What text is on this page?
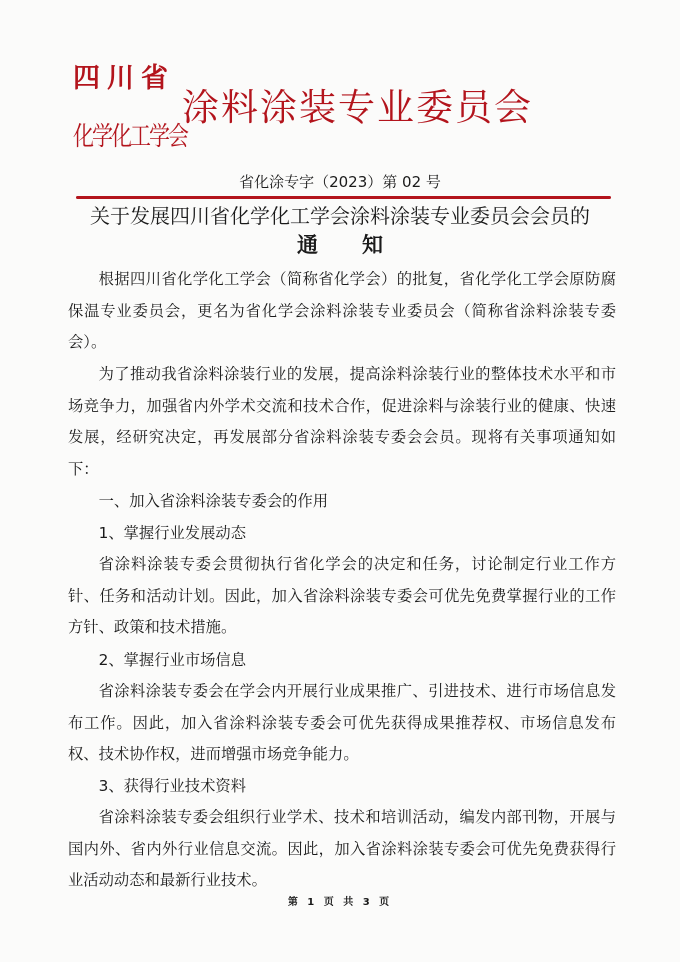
四川省
化学化工学会
涂料涂装专业委员会
省化涂专字（2023）第 02 号
关于发展四川省化学化工学会涂料涂装专业委员会会员的
通知

根据四川省化学化工学会（简称省化学会）的批复，省化学化工学会原防腐保温专业委员会，更名为省化学会涂料涂装专业委员会（简称省涂料涂装专委会）。

为了推动我省涂料涂装行业的发展，提高涂料涂装行业的整体技术水平和市场竞争力，加强省内外学术交流和技术合作，促进涂料与涂装行业的健康、快速发展，经研究决定，再发展部分省涂料涂装专委会会员。现将有关事项通知如下：

一、加入省涂料涂装专委会的作用

1、掌握行业发展动态

省涂料涂装专委会贯彻执行省化学会的决定和任务，讨论制定行业工作方针、任务和活动计划。因此，加入省涂料涂装专委会可优先免费掌握行业的工作方针、政策和技术措施。

2、掌握行业市场信息

省涂料涂装专委会在学会内开展行业成果推广、引进技术、进行市场信息发布工作。因此，加入省涂料涂装专委会可优先获得成果推荐权、市场信息发布权、技术协作权，进而增强市场竞争能力。

3、获得行业技术资料

省涂料涂装专委会组织行业学术、技术和培训活动，编发内部刊物，开展与国内外、省内外行业信息交流。因此，加入省涂料涂装专委会可优先免费获得行业活动动态和最新行业技术。

第 1 页 共 3 页
